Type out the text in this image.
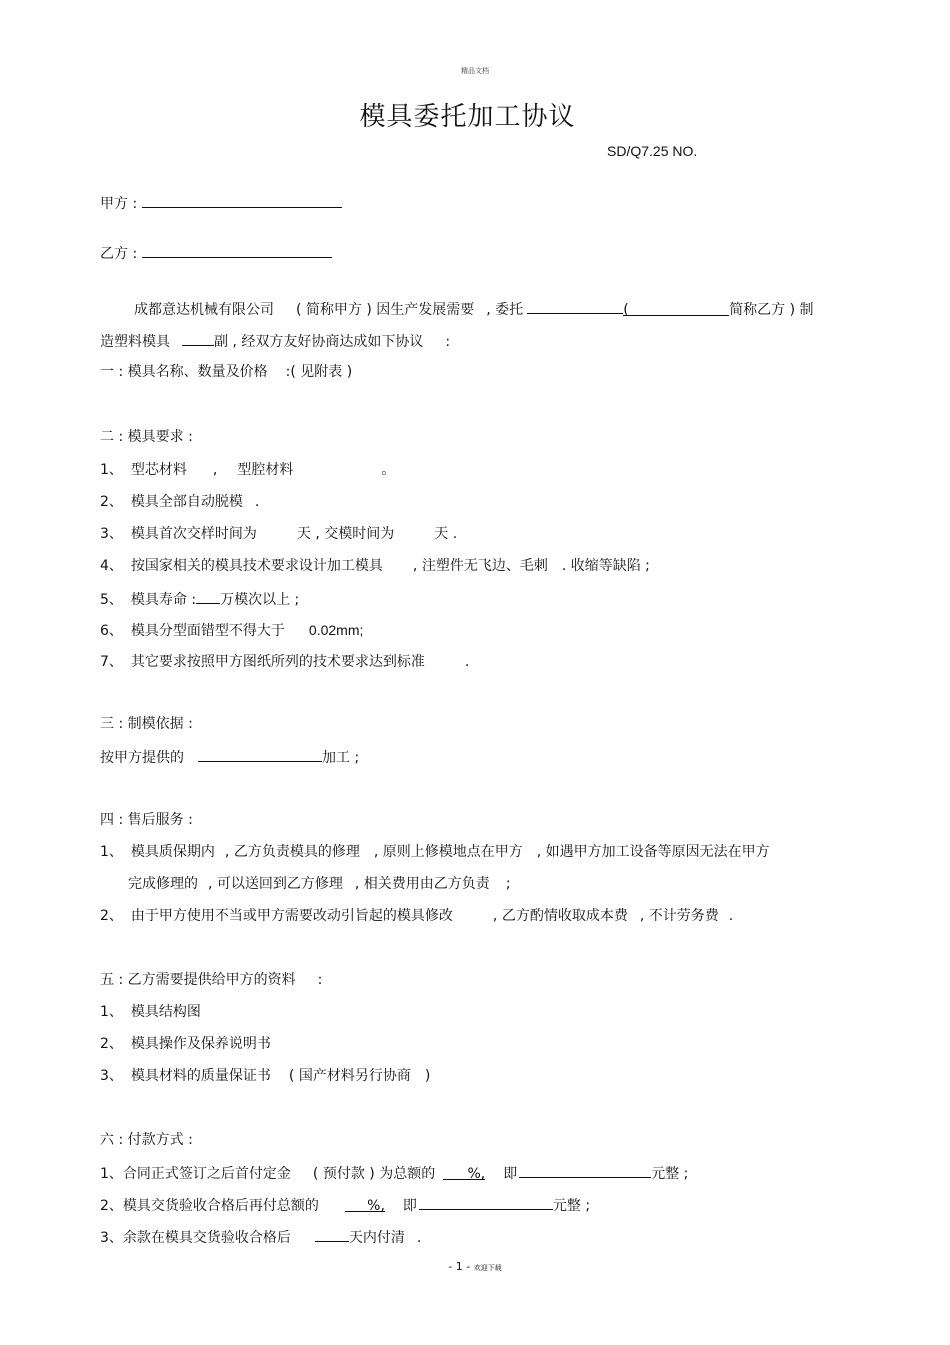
精品文档
模具委托加工协议
SD/Q7.25 NO.
甲方 :
乙方 :
成都意达机械有限公司 ( 简称甲方 ) 因生产发展需要 , 委托	(	简称乙方 ) 制
造塑料模具	副 , 经双方友好协商达成如下协议 :
一 : 模具名称、数量及价格 :( 见附表 )
二 : 模具要求 :
1、 型芯材料 , 型腔材料	。
2、 模具全部自动脱模 .
3、 模具首次交样时间为	天 , 交模时间为	天 .
4、 按国家相关的模具技术要求设计加工模具 , 注塑件无飞边、毛刺 . 收缩等缺陷 ;
5、 模具寿命 : 万模次以上 ;
6、 模具分型面错型不得大于 0.02mm;
7、 其它要求按照甲方图纸所列的技术要求达到标准	.
三 : 制模依据 :
按甲方提供的	加工 ;
四 : 售后服务 :
1、 模具质保期内 , 乙方负责模具的修理 , 原则上修模地点在甲方 , 如遇甲方加工设备等原因无法在甲方
完成修理的 , 可以送回到乙方修理 , 相关费用由乙方负责 ;
2、 由于甲方使用不当或甲方需要改动引旨起的模具修改	, 乙方酌情收取成本费 , 不计劳务费 .
五 : 乙方需要提供给甲方的资料 :
1、 模具结构图
2、 模具操作及保养说明书
3、 模具材料的质量保证书 ( 国产材料另行协商 )
六 : 付款方式 :
1、合同正式签订之后首付定金 ( 预付款 ) 为总额的 %, 即	元整 ;
2、模具交货验收合格后再付总额的	%, 即	元整 ;
3、余款在模具交货验收合格后	天内付清 .
- 1 - 欢迎下载
